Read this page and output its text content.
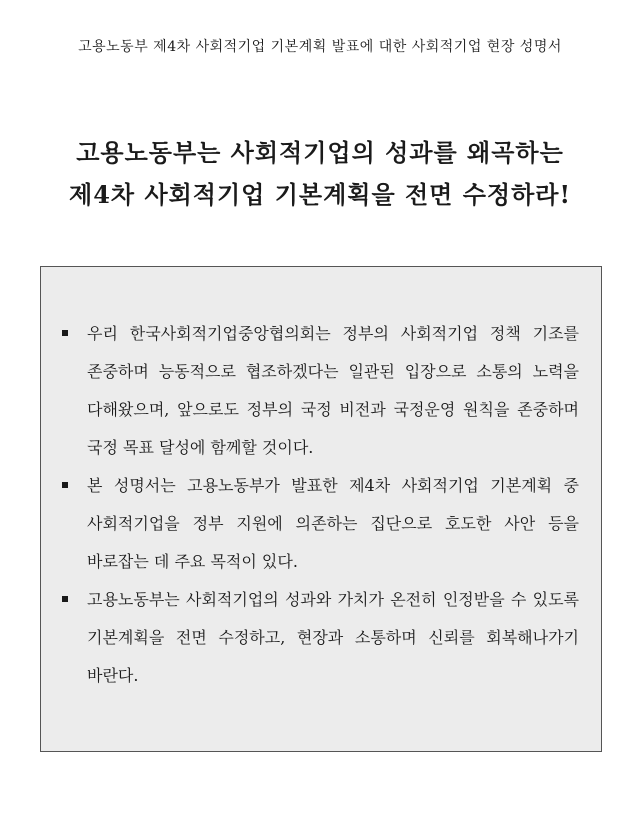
고용노동부 제4차 사회적기업 기본계획 발표에 대한 사회적기업 현장 성명서
고용노동부는 사회적기업의 성과를 왜곡하는
제4차 사회적기업 기본계획을 전면 수정하라!
우리 한국사회적기업중앙협의회는 정부의 사회적기업 정책 기조를 존중하며 능동적으로 협조하겠다는 일관된 입장으로 소통의 노력을 다해왔으며, 앞으로도 정부의 국정 비전과 국정운영 원칙을 존중하며 국정 목표 달성에 함께할 것이다.
본 성명서는 고용노동부가 발표한 제4차 사회적기업 기본계획 중 사회적기업을 정부 지원에 의존하는 집단으로 호도한 사안 등을 바로잡는 데 주요 목적이 있다.
고용노동부는 사회적기업의 성과와 가치가 온전히 인정받을 수 있도록 기본계획을 전면 수정하고, 현장과 소통하며 신뢰를 회복해나가기 바란다.
